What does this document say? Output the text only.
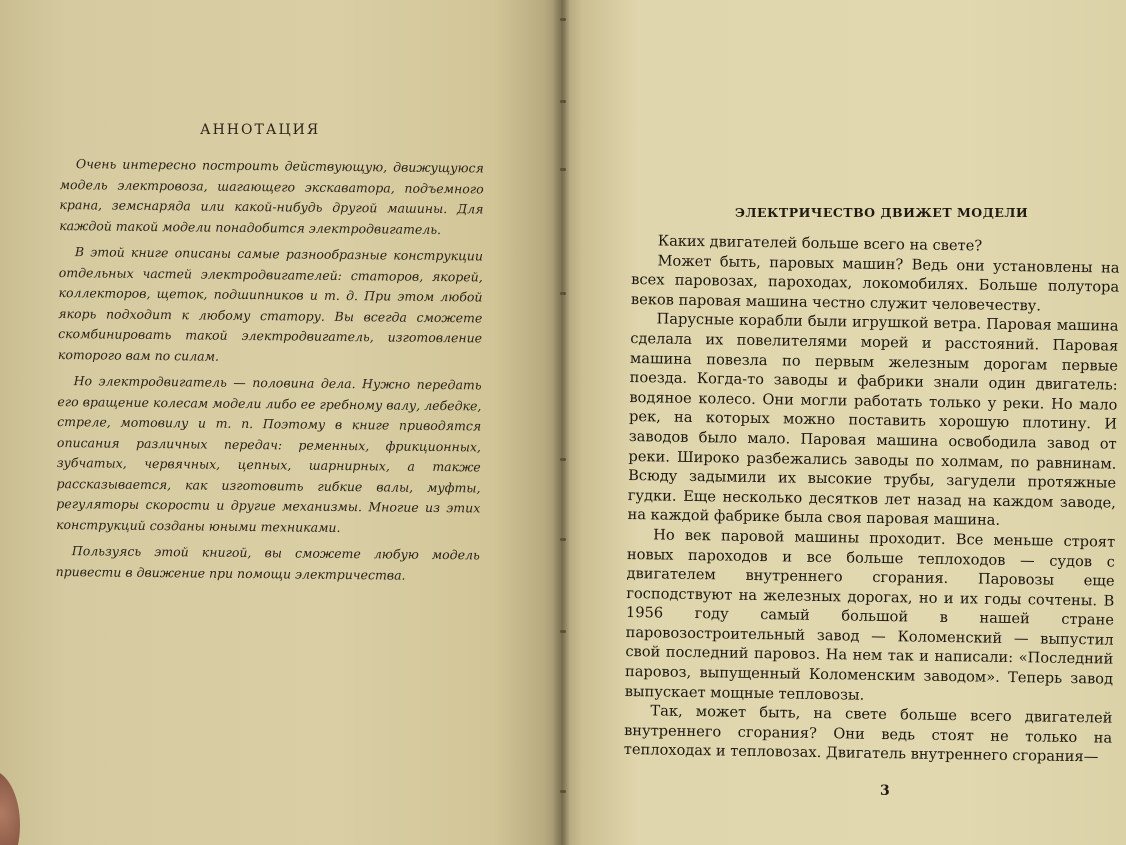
АННОТАЦИЯ

Очень интересно построить действующую, движущуюся модель электровоза, шагающего экскаватора, подъемного крана, земснаряда или какой-нибудь другой машины. Для каждой такой модели понадобится электродвигатель.

В этой книге описаны самые разнообразные конструкции отдельных частей электродвигателей: статоров, якорей, коллекторов, щеток, подшипников и т. д. При этом любой якорь подходит к любому статору. Вы всегда сможете скомбинировать такой электродвигатель, изготовление которого вам по силам.

Но электродвигатель — половина дела. Нужно передать его вращение колесам модели либо ее гребному валу, лебедке, стреле, мотовилу и т. п. Поэтому в книге приводятся описания различных передач: ременных, фрикционных, зубчатых, червячных, цепных, шарнирных, а также рассказывается, как изготовить гибкие валы, муфты, регуляторы скорости и другие механизмы. Многие из этих конструкций созданы юными техниками.

Пользуясь этой книгой, вы сможете любую модель привести в движение при помощи электричества.

ЭЛЕКТРИЧЕСТВО ДВИЖЕТ МОДЕЛИ

Каких двигателей больше всего на свете?

Может быть, паровых машин? Ведь они установлены на всех паровозах, пароходах, локомобилях. Больше полутора веков паровая машина честно служит человечеству.

Парусные корабли были игрушкой ветра. Паровая машина сделала их повелителями морей и расстояний. Паровая машина повезла по первым железным дорогам первые поезда. Когда-то заводы и фабрики знали один двигатель: водяное колесо. Они могли работать только у реки. Но мало рек, на которых можно поставить хорошую плотину. И заводов было мало. Паровая машина освободила завод от реки. Широко разбежались заводы по холмам, по равнинам. Всюду задымили их высокие трубы, загудели протяжные гудки. Еще несколько десятков лет назад на каждом заводе, на каждой фабрике была своя паровая машина.

Но век паровой машины проходит. Все меньше строят новых пароходов и все больше теплоходов — судов с двигателем внутреннего сгорания. Паровозы еще господствуют на железных дорогах, но и их годы сочтены. В 1956 году самый большой в нашей стране паровозостроительный завод — Коломенский — выпустил свой последний паровоз. На нем так и написали: «Последний паровоз, выпущенный Коломенским заводом». Теперь завод выпускает мощные тепловозы.

Так, может быть, на свете больше всего двигателей внутреннего сгорания? Они ведь стоят не только на теплоходах и тепловозах. Двигатель внутреннего сгорания—

3
